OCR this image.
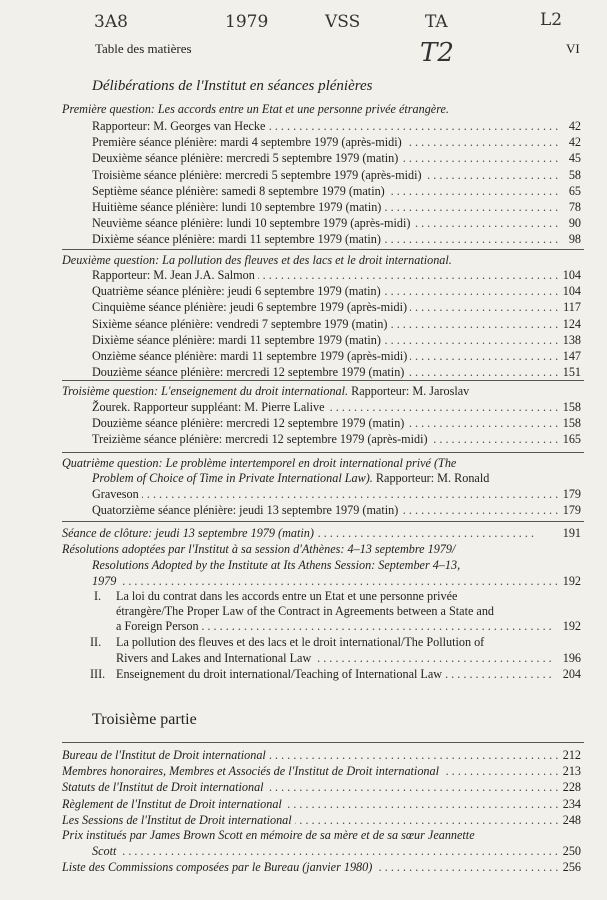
3A8	1979	VSS	TA	L2
T2
Table des matières	VI
Délibérations de l'Institut en séances plénières
Première question: Les accords entre un Etat et une personne privée étrangère.
. . .
Rapporteur: M. Georges van Hecke	42
. . .
Première séance plénière: mardi 4 septembre 1979 (après-midi)	42
. . .
Deuxième séance plénière: mercredi 5 septembre 1979 (matin)	45
. . .
Troisième séance plénière: mercredi 5 septembre 1979 (après-midi)	58
. . .
Septième séance plénière: samedi 8 septembre 1979 (matin)	65
. . .
Huitième séance plénière: lundi 10 septembre 1979 (matin)	78
. . .
Neuvième séance plénière: lundi 10 septembre 1979 (après-midi)	90
. . .
Dixième séance plénière: mardi 11 septembre 1979 (matin)	98
Deuxième question: La pollution des fleuves et des lacs et le droit international.
. . .
Rapporteur: M. Jean J.A. Salmon	104
. . .
Quatrième séance plénière: jeudi 6 septembre 1979 (matin)	104
. . .
Cinquième séance plénière: jeudi 6 septembre 1979 (après-midi)	117
. . .
Sixième séance plénière: vendredi 7 septembre 1979 (matin)	124
. . .
Dixième séance plénière: mardi 11 septembre 1979 (matin)	138
. . .
Onzième séance plénière: mardi 11 septembre 1979 (après-midi)	147
. . .
Douzième séance plénière: mercredi 12 septembre 1979 (matin)	151
Troisième question: L'enseignement du droit international. Rapporteur: M. Jaroslav
. . .
Žourek. Rapporteur suppléant: M. Pierre Lalive	158
. . .
Douzième séance plénière: mercredi 12 septembre 1979 (matin)	158
. . .
Treizième séance plénière: mercredi 12 septembre 1979 (après-midi)	165
Quatrième question: Le problème intertemporel en droit international privé (The
Problem of Choice of Time in Private International Law). Rapporteur: M. Ronald
. . .
Graveson	179
. . .
Quatorzième séance plénière: jeudi 13 septembre 1979 (matin)	179
. . .
Séance de clôture: jeudi 13 septembre 1979 (matin)	191
Résolutions adoptées par l'Institut à sa session d'Athènes: 4–13 septembre 1979/
Resolutions Adopted by the Institute at Its Athens Session: September 4–13,
. . .
1979	192
I. La loi du contrat dans les accords entre un Etat et une personne privée
étrangère/The Proper Law of the Contract in Agreements between a State and
. . .
a Foreign Person	192
II. La pollution des fleuves et des lacs et le droit international/The Pollution of
. . .
Rivers and Lakes and International Law	196
III. . . . Enseignement du droit international/Teaching of International Law	204
Troisième partie
. . .
Bureau de l'Institut de Droit international	212
. . .
Membres honoraires, Membres et Associés de l'Institut de Droit international	213
. . .
Statuts de l'Institut de Droit international	228
. . .
Règlement de l'Institut de Droit international	234
. . .
Les Sessions de l'Institut de Droit international	248
Prix institués par James Brown Scott en mémoire de sa mère et de sa sœur Jeannette
. . .
Scott	250
. . .
Liste des Commissions composées par le Bureau (janvier 1980)	256
